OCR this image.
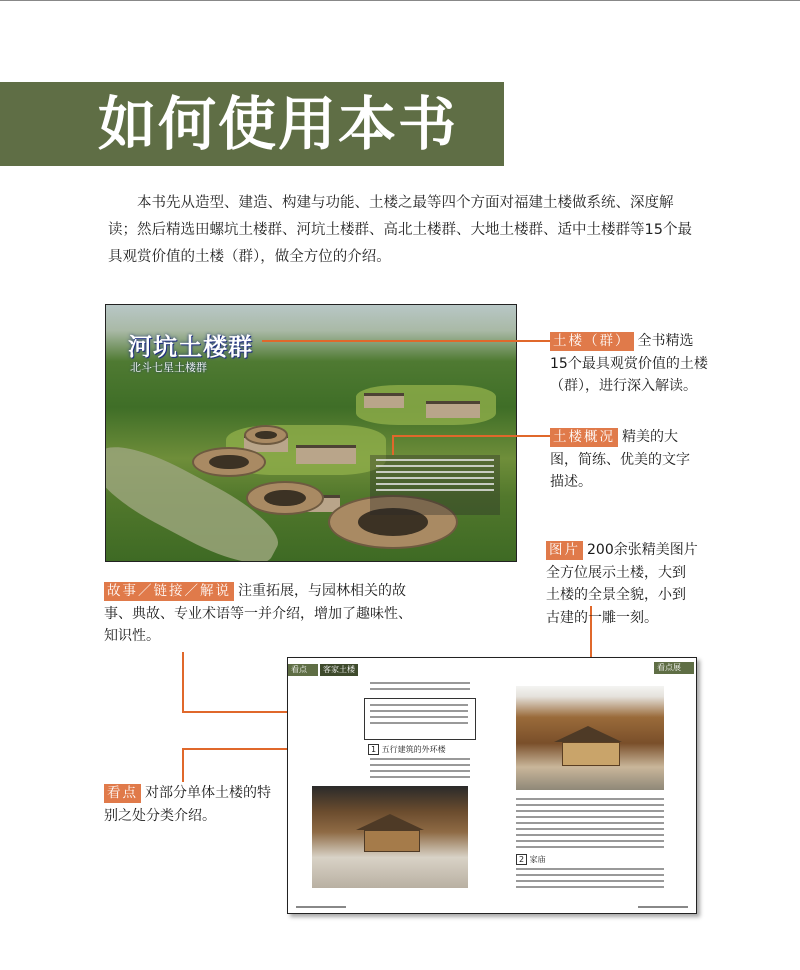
如何使用本书

本书先从造型、建造、构建与功能、土楼之最等四个方面对福建土楼做系统、深度解读；然后精选田螺坑土楼群、河坑土楼群、高北土楼群、大地土楼群、适中土楼群等15个最具观赏价值的土楼（群），做全方位的介绍。

河坑土楼群
北斗七星土楼群
土楼（群） 全书精选15个最具观赏价值的土楼（群），进行深入解读。
土楼概况 精美的大图，简练、优美的文字描述。
图片 200余张精美图片全方位展示土楼，大到土楼的全景全貌，小到古建的一雕一刻。
故事／链接／解说 注重拓展，与园林相关的故事、典故、专业术语等一并介绍，增加了趣味性、知识性。
看点 对部分单体土楼的特别之处分类介绍。
看点	客家土楼	看点展
1 五行建筑的外环楼
2 家庙
